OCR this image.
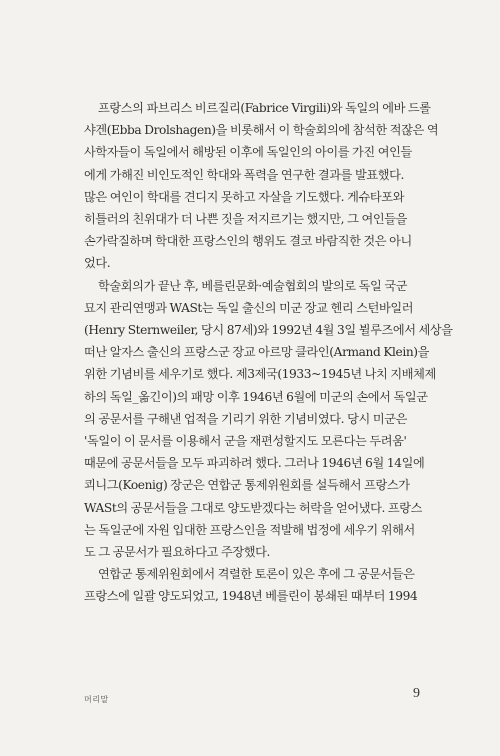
프랑스의 파브리스 비르질리(Fabrice Virgili)와 독일의 에바 드롤
샤겐(Ebba Drolshagen)을 비롯해서 이 학술회의에 참석한 적잖은 역
사학자들이 독일에서 해방된 이후에 독일인의 아이를 가진 여인들
에게 가해진 비인도적인 학대와 폭력을 연구한 결과를 발표했다.
많은 여인이 학대를 견디지 못하고 자살을 기도했다. 게슈타포와
히틀러의 친위대가 더 나쁜 짓을 저지르기는 했지만, 그 여인들을
손가락질하며 학대한 프랑스인의 행위도 결코 바람직한 것은 아니
었다.
학술회의가 끝난 후, 베를린문화·예술협회의 발의로 독일 국군
묘지 관리연맹과 WASt는 독일 출신의 미군 장교 헨리 스턴바일러
(Henry Sternweiler, 당시 87세)와 1992년 4월 3일 뷜루즈에서 세상을
떠난 알자스 출신의 프랑스군 장교 아르망 클라인(Armand Klein)을
위한 기념비를 세우기로 했다. 제3제국(1933~1945년 나치 지배체제
하의 독일_옮긴이)의 패망 이후 1946년 6월에 미군의 손에서 독일군
의 공문서를 구해낸 업적을 기리기 위한 기념비였다. 당시 미군은
'독일이 이 문서를 이용해서 군을 재편성할지도 모른다는 두려움'
때문에 공문서들을 모두 파괴하려 했다. 그러나 1946년 6월 14일에
쾨니그(Koenig) 장군은 연합군 통제위원회를 설득해서 프랑스가
WASt의 공문서들을 그대로 양도받겠다는 허락을 얻어냈다. 프랑스
는 독일군에 자원 입대한 프랑스인을 적발해 법정에 세우기 위해서
도 그 공문서가 필요하다고 주장했다.
연합군 통제위원회에서 격렬한 토론이 있은 후에 그 공문서들은
프랑스에 일괄 양도되었고, 1948년 베를린이 봉쇄된 때부터 1994
머리말	9
